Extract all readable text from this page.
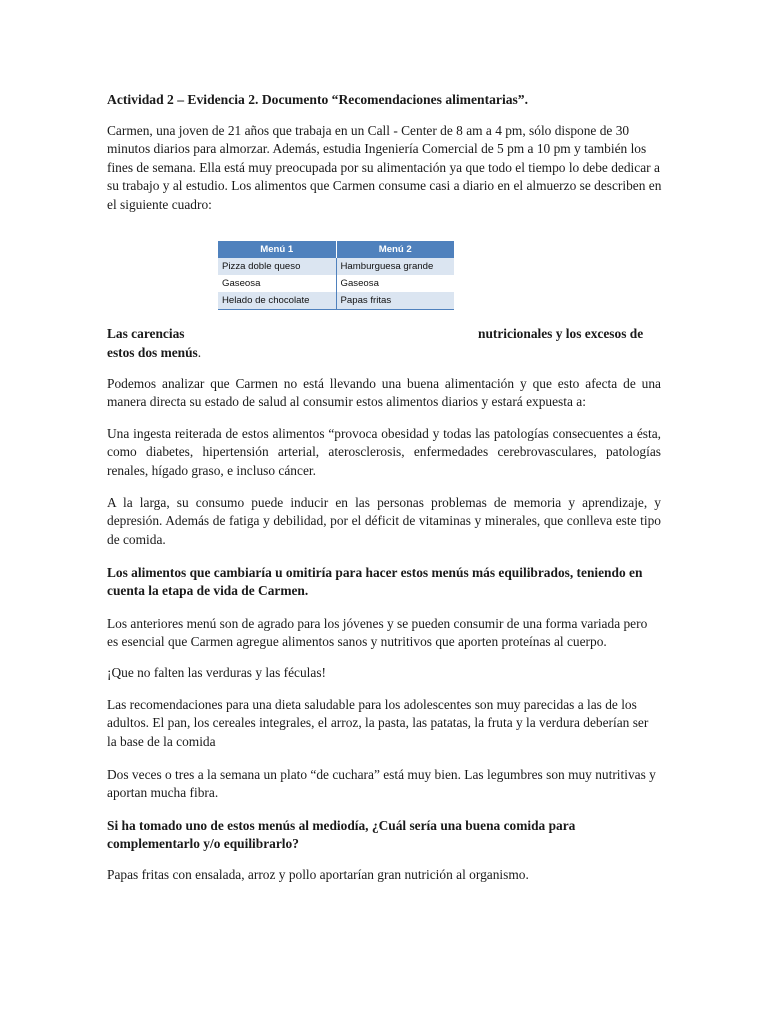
Actividad 2 – Evidencia 2. Documento “Recomendaciones alimentarias”.

Carmen, una joven de 21 años que trabaja en un Call - Center de 8 am a 4 pm, sólo dispone de 30 minutos diarios para almorzar. Además, estudia Ingeniería Comercial de 5 pm a 10 pm y también los fines de semana. Ella está muy preocupada por su alimentación ya que todo el tiempo lo debe dedicar a su trabajo y al estudio. Los alimentos que Carmen consume casi a diario en el almuerzo se describen en el siguiente cuadro:

Menú 1	Menú 2
Pizza doble queso	Hamburguesa grande
Gaseosa	Gaseosa
Helado de chocolate	Papas fritas
Las carencias	nutricionales y los excesos de
estos dos menús.

Podemos analizar que Carmen no está llevando una buena alimentación y que esto afecta de una manera directa su estado de salud al consumir estos alimentos diarios y estará expuesta a:

Una ingesta reiterada de estos alimentos “provoca obesidad y todas las patologías consecuentes a ésta, como diabetes, hipertensión arterial, aterosclerosis, enfermedades cerebrovasculares, patologías renales, hígado graso, e incluso cáncer.

A la larga, su consumo puede inducir en las personas problemas de memoria y aprendizaje, y depresión. Además de fatiga y debilidad, por el déficit de vitaminas y minerales, que conlleva este tipo de comida.

Los alimentos que cambiaría u omitiría para hacer estos menús más equilibrados, teniendo en cuenta la etapa de vida de Carmen.

Los anteriores menú son de agrado para los jóvenes y se pueden consumir de una forma variada pero es esencial que Carmen agregue alimentos sanos y nutritivos que aporten proteínas al cuerpo.

¡Que no falten las verduras y las féculas!

Las recomendaciones para una dieta saludable para los adolescentes son muy parecidas a las de los adultos. El pan, los cereales integrales, el arroz, la pasta, las patatas, la fruta y la verdura deberían ser la base de la comida

Dos veces o tres a la semana un plato “de cuchara” está muy bien. Las legumbres son muy nutritivas y aportan mucha fibra.

Si ha tomado uno de estos menús al mediodía, ¿Cuál sería una buena comida para complementarlo y/o equilibrarlo?

Papas fritas con ensalada, arroz y pollo aportarían gran nutrición al organismo.
